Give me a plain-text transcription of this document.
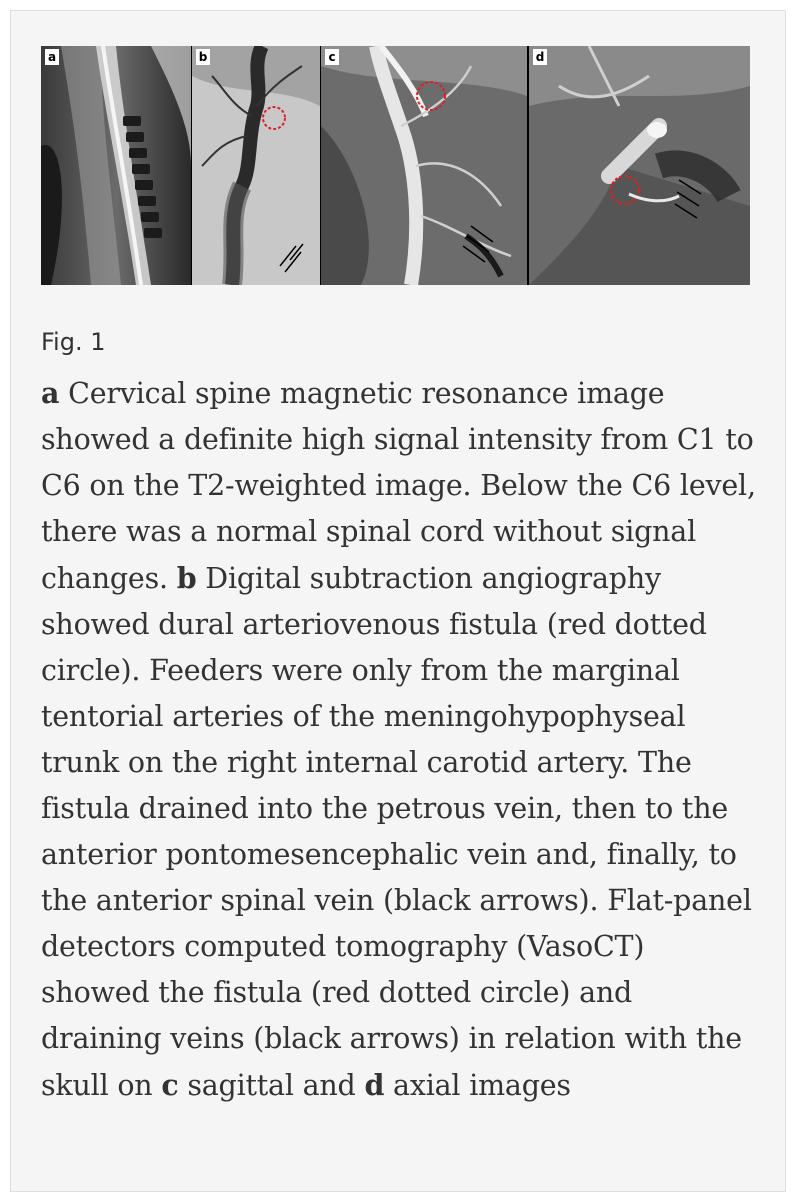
a	b	c	d
Fig. 1

a Cervical spine magnetic resonance image showed a definite high signal intensity from C1 to C6 on the T2-weighted image. Below the C6 level, there was a normal spinal cord without signal changes. b Digital subtraction angiography showed dural arteriovenous fistula (red dotted circle). Feeders were only from the marginal tentorial arteries of the meningohypophyseal trunk on the right internal carotid artery. The fistula drained into the petrous vein, then to the anterior pontomesencephalic vein and, finally, to the anterior spinal vein (black arrows). Flat-panel detectors computed tomography (VasoCT) showed the fistula (red dotted circle) and draining veins (black arrows) in relation with the skull on c sagittal and d axial images
